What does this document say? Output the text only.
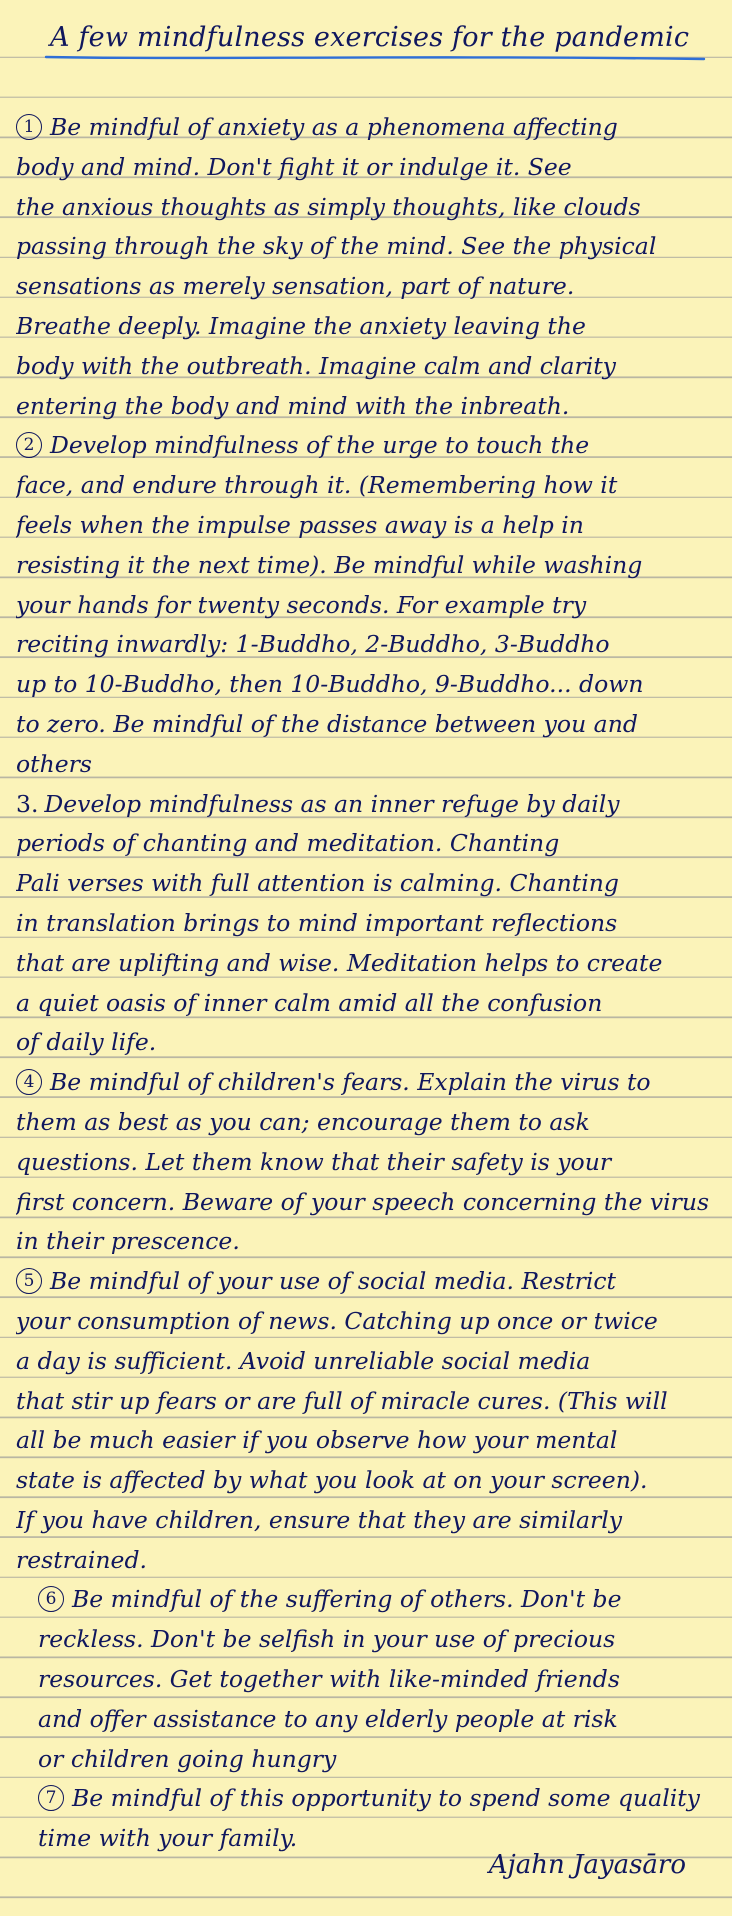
A few mindfulness exercises for the pandemic
1 Be mindful of anxiety as a phenomena affecting
body and mind. Don't fight it or indulge it. See
the anxious thoughts as simply thoughts, like clouds
passing through the sky of the mind. See the physical
sensations as merely sensation, part of nature.
Breathe deeply. Imagine the anxiety leaving the
body with the outbreath. Imagine calm and clarity
entering the body and mind with the inbreath.
2 Develop mindfulness of the urge to touch the
face, and endure through it. (Remembering how it
feels when the impulse passes away is a help in
resisting it the next time). Be mindful while washing
your hands for twenty seconds. For example try
reciting inwardly: 1-Buddho, 2-Buddho, 3-Buddho
up to 10-Buddho, then 10-Buddho, 9-Buddho... down
to zero. Be mindful of the distance between you and
others
3. Develop mindfulness as an inner refuge by daily
periods of chanting and meditation. Chanting
Pali verses with full attention is calming. Chanting
in translation brings to mind important reflections
that are uplifting and wise. Meditation helps to create
a quiet oasis of inner calm amid all the confusion
of daily life.
4 Be mindful of children's fears. Explain the virus to
them as best as you can; encourage them to ask
questions. Let them know that their safety is your
first concern. Beware of your speech concerning the virus
in their prescence.
5 Be mindful of your use of social media. Restrict
your consumption of news. Catching up once or twice
a day is sufficient. Avoid unreliable social media
that stir up fears or are full of miracle cures. (This will
all be much easier if you observe how your mental
state is affected by what you look at on your screen).
If you have children, ensure that they are similarly
restrained.
6 Be mindful of the suffering of others. Don't be
reckless. Don't be selfish in your use of precious
resources. Get together with like-minded friends
and offer assistance to any elderly people at risk
or children going hungry
7 Be mindful of this opportunity to spend some quality
time with your family.
Ajahn Jayasāro
